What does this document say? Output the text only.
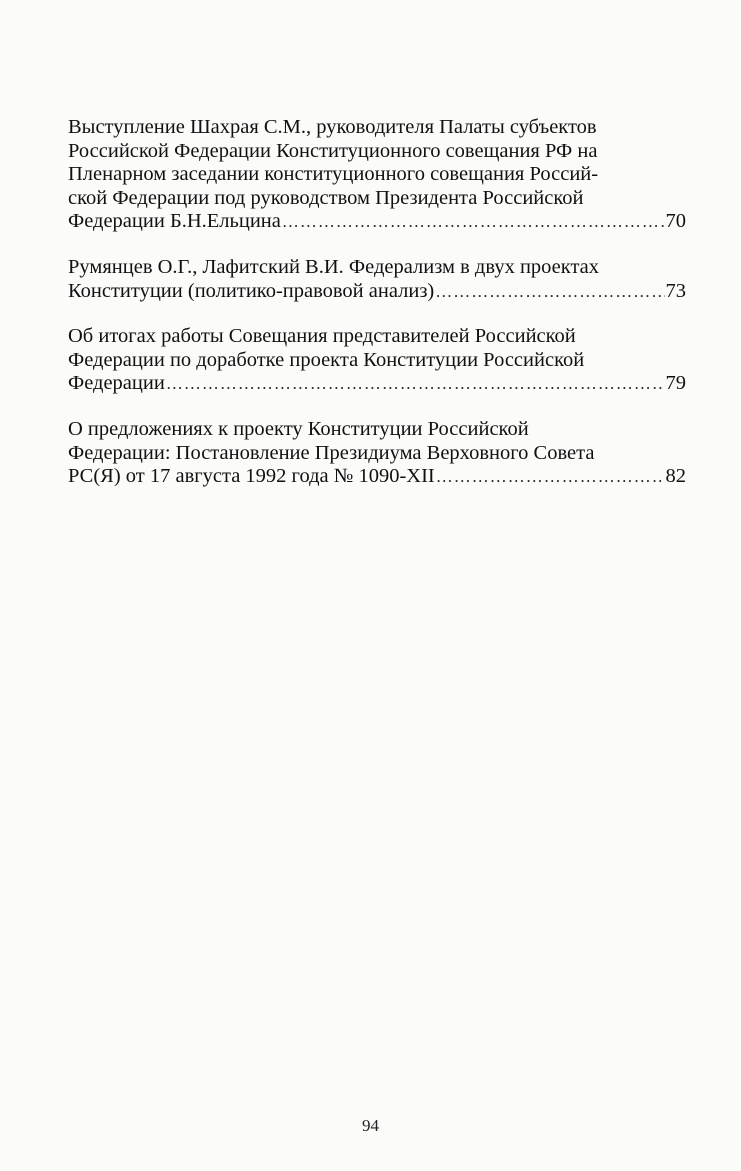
Выступление Шахрая С.М., руководителя Палаты субъектов
Российской Федерации Конституционного совещания РФ на
Пленарном заседании конституционного совещания Россий-
ской Федерации под руководством Президента Российской
Федерации Б.Н.Ельцина ……………………………………………………………………………………………………………………………………………………	70
Румянцев О.Г., Лафитский В.И. Федерализм в двух проектах
Конституции (политико-правовой анализ) ……………………………………………………………………………………………………………………………………………………	73
Об итогах работы Совещания представителей Российской
Федерации по доработке проекта Конституции Российской
Федерации ……………………………………………………………………………………………………………………………………………………	79
О предложениях к проекту Конституции Российской
Федерации: Постановление Президиума Верховного Совета
РС(Я) от 17 августа 1992 года № 1090-XII ……………………………………………………………………………………………………………………………………………………	82
94
